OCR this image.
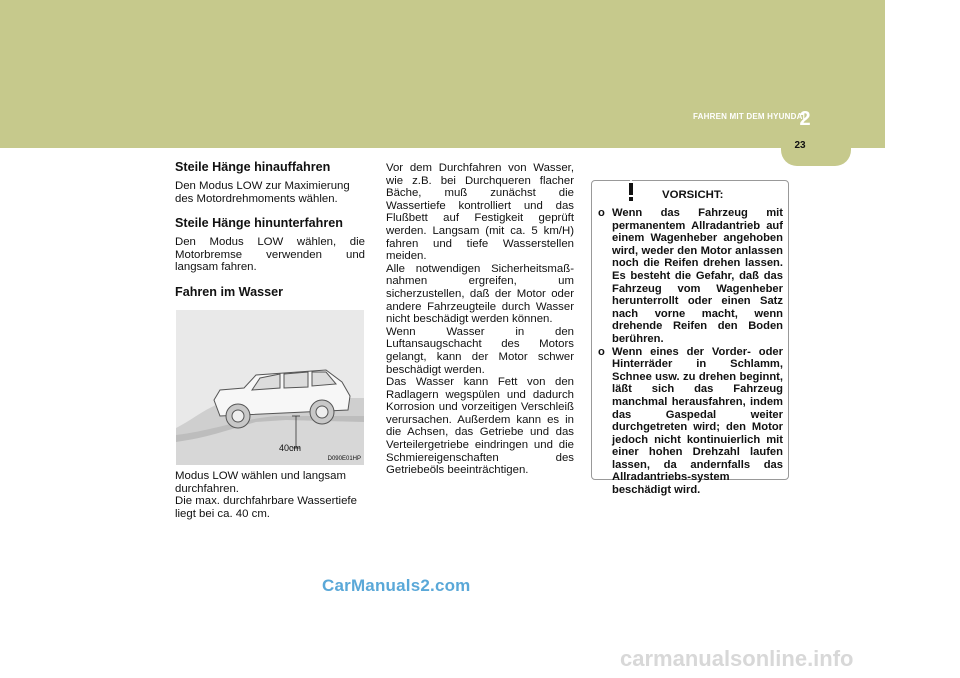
FAHREN MIT DEM HYUNDAI
2
23
Steile Hänge hinauffahren

Den Modus LOW zur Maximierung des Motordrehmoments wählen.

Steile Hänge hinunterfahren

Den Modus LOW wählen, die Motorbremse verwenden und langsam fahren.

Fahren im Wasser
40cm
D090E01HP

Modus LOW wählen und langsam durchfahren.

Die max. durchfahrbare Wassertiefe liegt bei ca. 40 cm.

Vor dem Durchfahren von Wasser, wie z.B. bei Durchqueren flacher Bäche, muß zunächst die Wassertiefe kontrolliert und das Flußbett auf Festigkeit geprüft werden. Langsam (mit ca. 5 km/H) fahren und tiefe Wasserstellen meiden.

Alle notwendigen Sicherheitsmaß-nahmen ergreifen, um sicherzustellen, daß der Motor oder andere Fahrzeugteile durch Wasser nicht beschädigt werden können.

Wenn Wasser in den Luftansaugschacht des Motors gelangt, kann der Motor schwer beschädigt werden.

Das Wasser kann Fett von den Radlagern wegspülen und dadurch Korrosion und vorzeitigen Verschleiß verursachen. Außerdem kann es in die Achsen, das Getriebe und das Verteilergetriebe eindringen und die Schmiereigenschaften des Getriebeöls beeinträchtigen.

VORSICHT:
o Wenn das Fahrzeug mit permanentem Allradantrieb auf einem Wagenheber angehoben wird, weder den Motor anlassen noch die Reifen drehen lassen. Es besteht die Gefahr, daß das Fahrzeug vom Wagenheber herunterrollt oder einen Satz nach vorne macht, wenn drehende Reifen den Boden berühren.
o Wenn eines der Vorder- oder Hinterräder in Schlamm, Schnee usw. zu drehen beginnt, läßt sich das Fahrzeug manchmal herausfahren, indem das Gaspedal weiter durchgetreten wird; den Motor jedoch nicht kontinuierlich mit einer hohen Drehzahl laufen lassen, da andernfalls das Allradantriebs-system beschädigt wird.
CarManuals2.com
carmanualsonline.info
